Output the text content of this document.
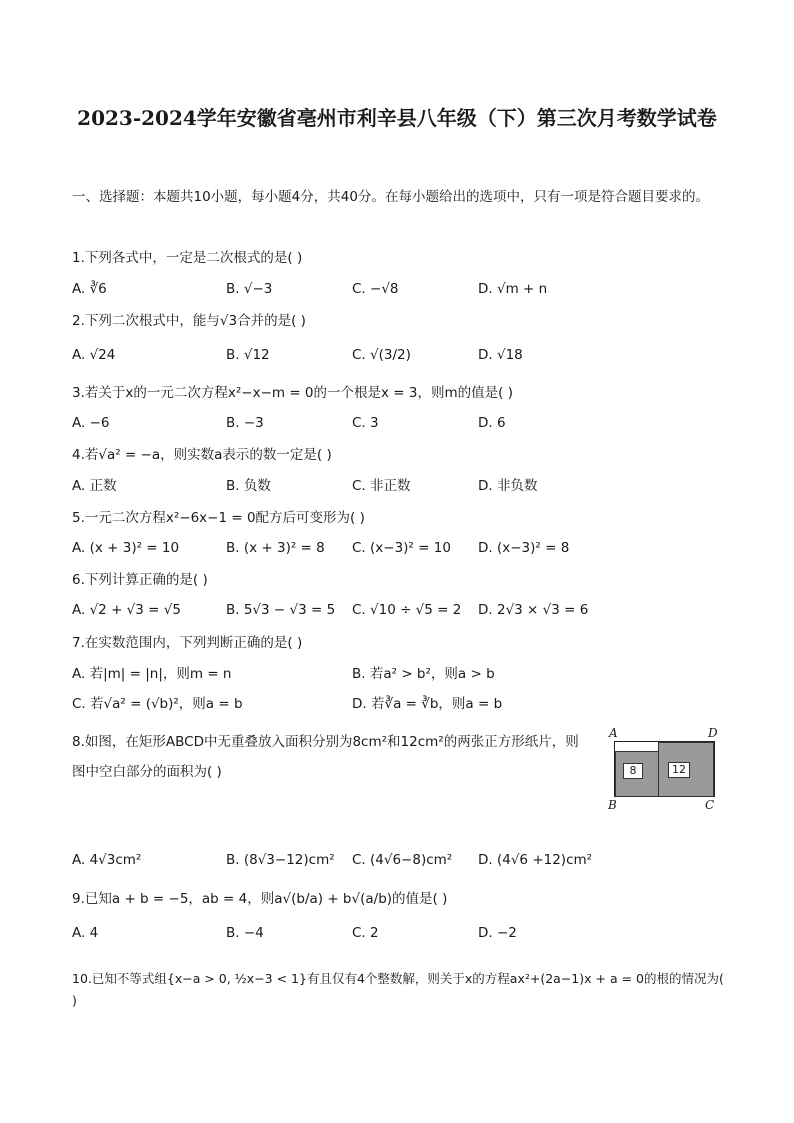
2023-2024学年安徽省亳州市利辛县八年级（下）第三次月考数学试卷
一、选择题：本题共10小题，每小题4分，共40分。在每小题给出的选项中，只有一项是符合题目要求的。
1.下列各式中，一定是二次根式的是( )
A. ∛6	B. √−3	C. −√8	D. √m + n
2.下列二次根式中，能与√3合并的是( )
A. √24	B. √12	C. √(3/2)	D. √18
3.若关于x的一元二次方程x²−x−m = 0的一个根是x = 3，则m的值是( )
A. −6	B. −3	C. 3	D. 6
4.若√a² = −a，则实数a表示的数一定是( )
A. 正数	B. 负数	C. 非正数	D. 非负数
5.一元二次方程x²−6x−1 = 0配方后可变形为( )
A. (x + 3)² = 10	B. (x + 3)² = 8 C. (x−3)² = 10 D. (x−3)² = 8
6.下列计算正确的是( )
A. √2 + √3 = √5	B. 5√3 − √3 = 5 C. √10 ÷ √5 = 2 D. 2√3 × √3 = 6
7.在实数范围内，下列判断正确的是( )
A. 若|m| = |n|，则m = n	B. 若a² > b²，则a > b
C. 若√a² = (√b)²，则a = b	D. 若∛a = ∛b，则a = b
8.如图，在矩形ABCD中无重叠放入面积分别为8cm²和12cm²的两张正方形纸片，则图中空白部分的面积为( )
A	D
8	12
B	C
A. 4√3cm²	B. (8√3−12)cm² C. (4√6−8)cm² D. (4√6 +12)cm²
9.已知a + b = −5，ab = 4，则a√(b/a) + b√(a/b)的值是( )
A. 4	B. −4	C. 2	D. −2
10.已知不等式组{x−a > 0, ½x−3 < 1}有且仅有4个整数解，则关于x的方程ax²+(2a−1)x + a = 0的根的情况为( )
